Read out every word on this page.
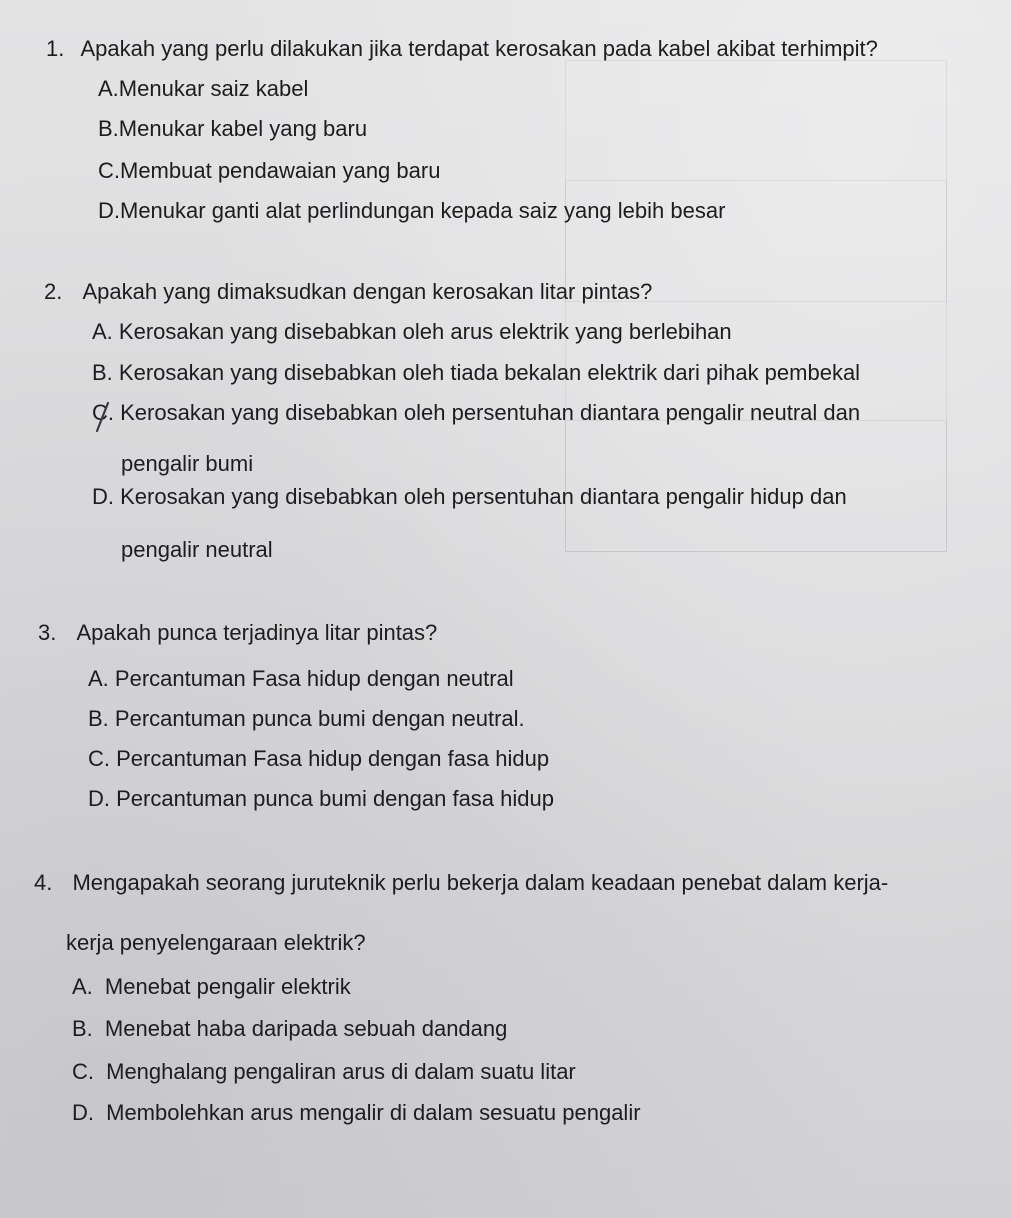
1. Apakah yang perlu dilakukan jika terdapat kerosakan pada kabel akibat terhimpit?
A.Menukar saiz kabel
B.Menukar kabel yang baru
C.Membuat pendawaian yang baru
D.Menukar ganti alat perlindungan kepada saiz yang lebih besar
2. Apakah yang dimaksudkan dengan kerosakan litar pintas?
A. Kerosakan yang disebabkan oleh arus elektrik yang berlebihan
B. Kerosakan yang disebabkan oleh tiada bekalan elektrik dari pihak pembekal
C. Kerosakan yang disebabkan oleh persentuhan diantara pengalir neutral dan
pengalir bumi
D. Kerosakan yang disebabkan oleh persentuhan diantara pengalir hidup dan
pengalir neutral
3. Apakah punca terjadinya litar pintas?
A. Percantuman Fasa hidup dengan neutral
B. Percantuman punca bumi dengan neutral.
C. Percantuman Fasa hidup dengan fasa hidup
D. Percantuman punca bumi dengan fasa hidup
4. Mengapakah seorang juruteknik perlu bekerja dalam keadaan penebat dalam kerja-
kerja penyelengaraan elektrik?
A. Menebat pengalir elektrik
B. Menebat haba daripada sebuah dandang
C. Menghalang pengaliran arus di dalam suatu litar
D. Membolehkan arus mengalir di dalam sesuatu pengalir
